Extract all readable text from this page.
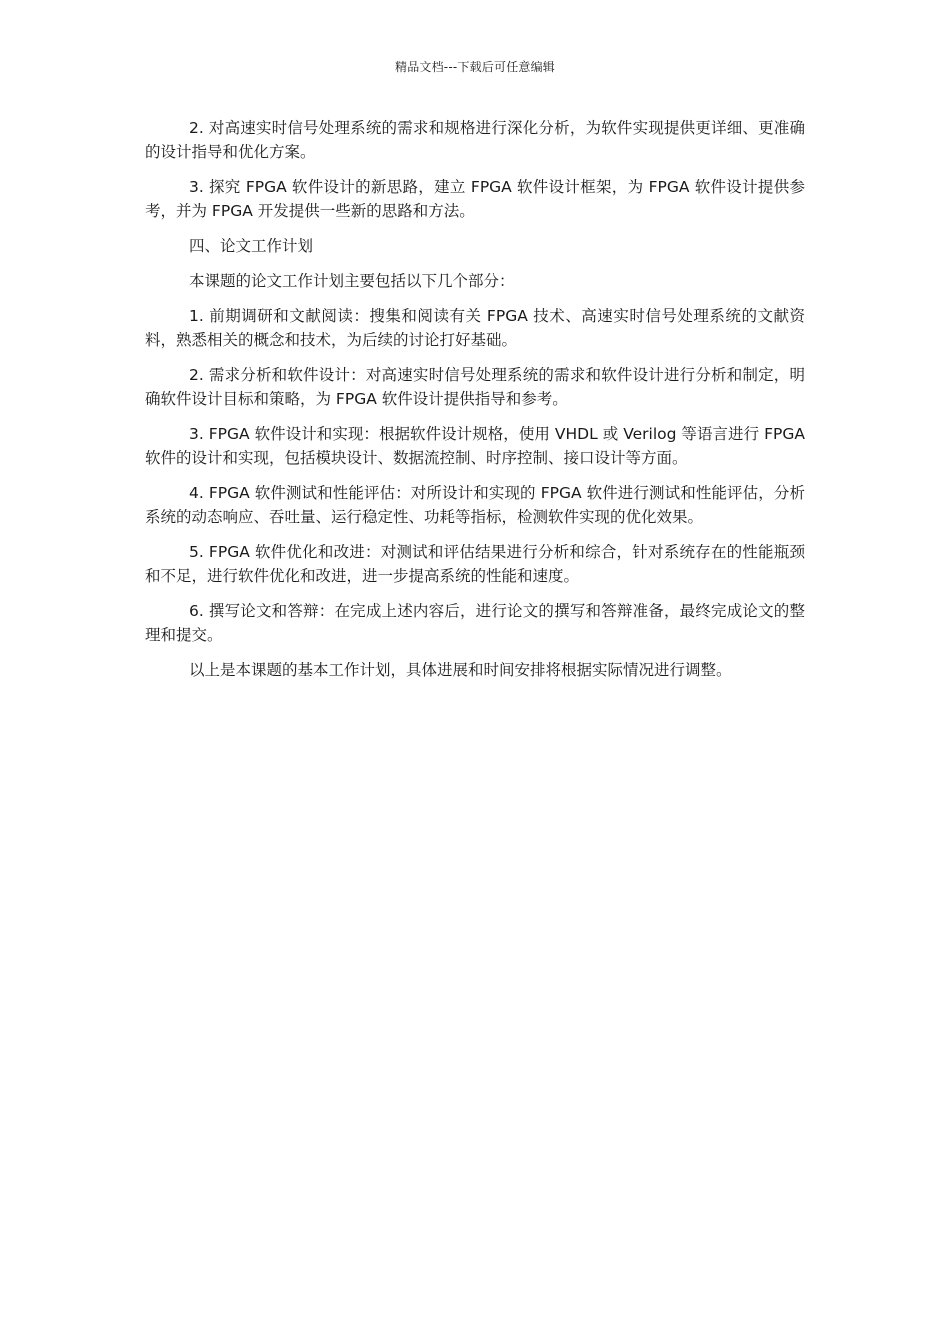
精品文档---下载后可任意编辑

2. 对高速实时信号处理系统的需求和规格进行深化分析，为软件实现提供更详细、更准确的设计指导和优化方案。

3. 探究 FPGA 软件设计的新思路，建立 FPGA 软件设计框架，为 FPGA 软件设计提供参考，并为 FPGA 开发提供一些新的思路和方法。

四、论文工作计划

本课题的论文工作计划主要包括以下几个部分：

1. 前期调研和文献阅读：搜集和阅读有关 FPGA 技术、高速实时信号处理系统的文献资料，熟悉相关的概念和技术，为后续的讨论打好基础。

2. 需求分析和软件设计：对高速实时信号处理系统的需求和软件设计进行分析和制定，明确软件设计目标和策略，为 FPGA 软件设计提供指导和参考。

3. FPGA 软件设计和实现：根据软件设计规格，使用 VHDL 或 Verilog 等语言进行 FPGA 软件的设计和实现，包括模块设计、数据流控制、时序控制、接口设计等方面。

4. FPGA 软件测试和性能评估：对所设计和实现的 FPGA 软件进行测试和性能评估，分析系统的动态响应、吞吐量、运行稳定性、功耗等指标，检测软件实现的优化效果。

5. FPGA 软件优化和改进：对测试和评估结果进行分析和综合，针对系统存在的性能瓶颈和不足，进行软件优化和改进，进一步提高系统的性能和速度。

6. 撰写论文和答辩：在完成上述内容后，进行论文的撰写和答辩准备，最终完成论文的整理和提交。

以上是本课题的基本工作计划，具体进展和时间安排将根据实际情况进行调整。
